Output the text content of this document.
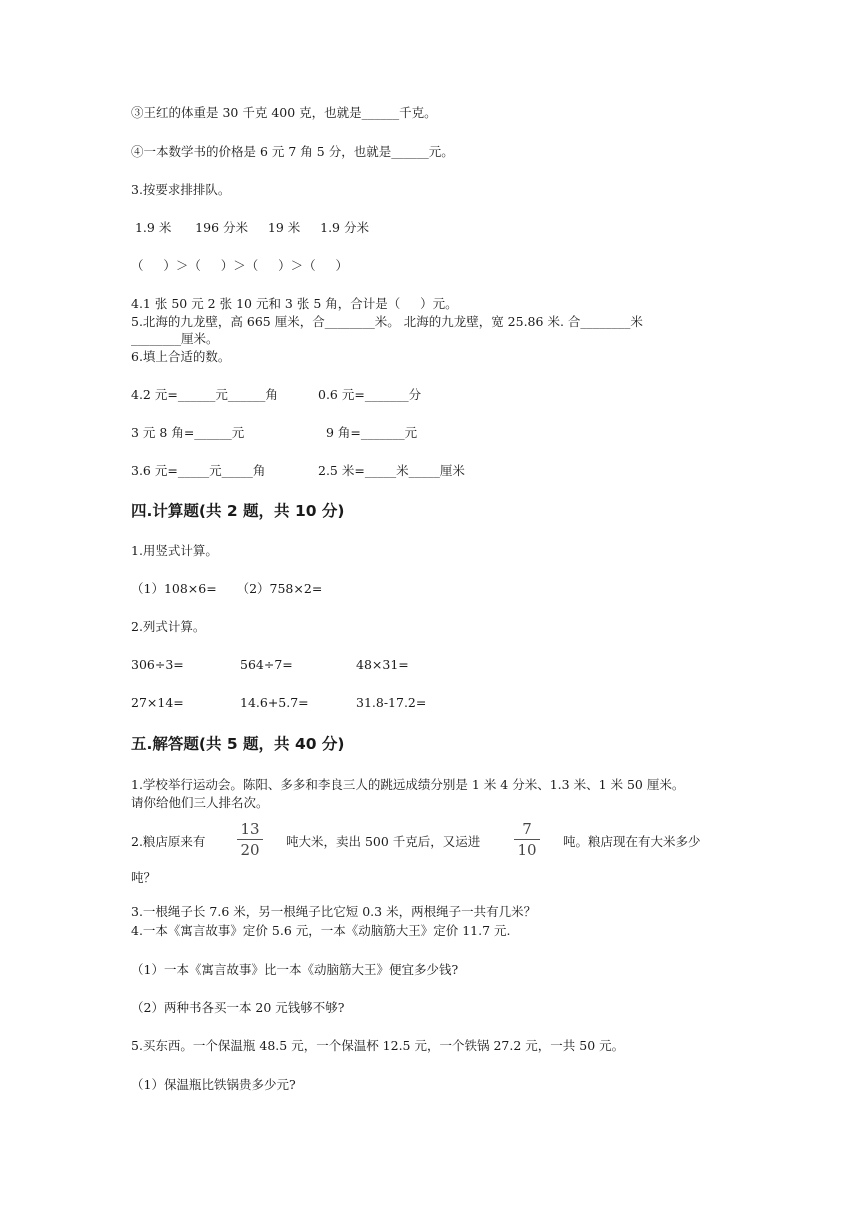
③王红的体重是 30 千克 400 克，也就是______千克。
④一本数学书的价格是 6 元 7 角 5 分，也就是______元。
3.按要求排排队。
1.9 米      196 分米     19 米     1.9 分米
（     ）＞（     ）＞（     ）＞（     ）
4.1 张 50 元 2 张 10 元和 3 张 5 角，合计是（     ）元。
5.北海的九龙壁，高 665 厘米，合________米。 北海的九龙壁，宽 25.86 米. 合________米
________厘米。
6.填上合适的数。
4.2 元=______元______角	0.6 元=_______分
3 元 8 角=______元	9 角=_______元
3.6 元=_____元_____角	2.5 米=_____米_____厘米
四.计算题(共 2 题，共 10 分)
1.用竖式计算。
（1）108×6=     （2）758×2=
2.列式计算。
306÷3=	564÷7=	48×31=
27×14=	14.6+5.7=	31.8-17.2=
五.解答题(共 5 题，共 40 分)
1.学校举行运动会。陈阳、多多和李良三人的跳远成绩分别是 1 米 4 分米、1.3 米、1 米 50 厘米。
请你给他们三人排名次。
2.粮店原来有
13
20 吨大米，卖出 500 千克后，又运进
7
10 吨。粮店现在有大米多少
吨？
3.一根绳子长 7.6 米，另一根绳子比它短 0.3 米，两根绳子一共有几米？
4.一本《寓言故事》定价 5.6 元，一本《动脑筋大王》定价 11.7 元.
（1）一本《寓言故事》比一本《动脑筋大王》便宜多少钱?
（2）两种书各买一本 20 元钱够不够?
5.买东西。一个保温瓶 48.5 元，一个保温杯 12.5 元，一个铁锅 27.2 元，一共 50 元。
（1）保温瓶比铁锅贵多少元?
